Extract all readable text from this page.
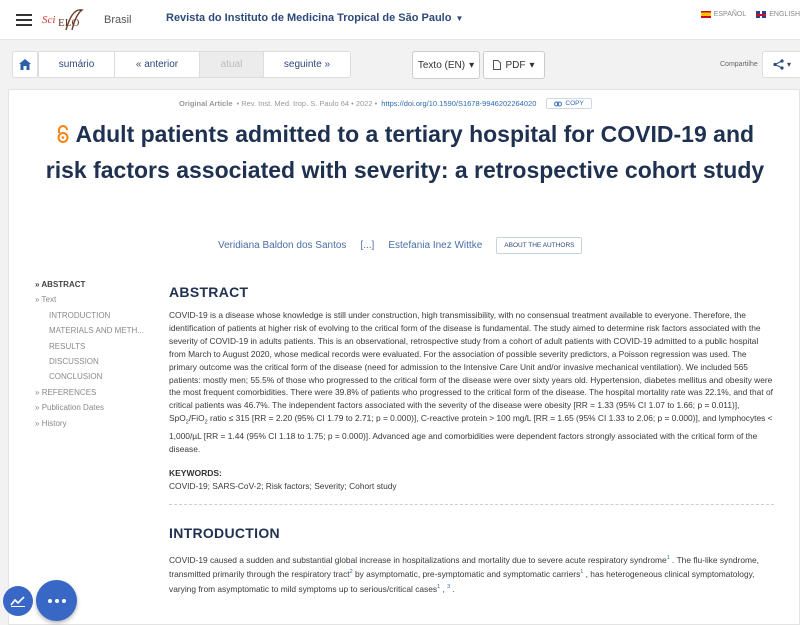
Sci ELO Brasil	Revista do Instituto de Medicina Tropical de São Paulo ▼	ESPAÑOL	ENGLISH
sumário	« anterior	atual	seguinte »	Texto (EN) ▾	PDF ▾	Compartilhe	▾
Original Article • Rev. Inst. Med. trop. S. Paulo 64 • 2022 • https://doi.org/10.1590/S1678-9946202264020	COPY
Adult patients admitted to a tertiary hospital for COVID-19 and risk factors associated with severity: a retrospective cohort study
Veridiana Baldon dos Santos [...] Estefania Inez Wittke	ABOUT THE AUTHORS
» ABSTRACT
» Text
INTRODUCTION
MATERIALS AND METH...
RESULTS
DISCUSSION
CONCLUSION
» REFERENCES
» Publication Dates
» History
ABSTRACT

COVID-19 is a disease whose knowledge is still under construction, high transmissibility, with no consensual treatment available to everyone. Therefore, the identification of patients at higher risk of evolving to the critical form of the disease is fundamental. The study aimed to determine risk factors associated with the severity of COVID-19 in adults patients. This is an observational, retrospective study from a cohort of adult patients with COVID-19 admitted to a public hospital from March to August 2020, whose medical records were evaluated. For the association of possible severity predictors, a Poisson regression was used. The primary outcome was the critical form of the disease (need for admission to the Intensive Care Unit and/or invasive mechanical ventilation). We included 565 patients: mostly men; 55.5% of those who progressed to the critical form of the disease were over sixty years old. Hypertension, diabetes mellitus and obesity were the most frequent comorbidities. There were 39.8% of patients who progressed to the critical form of the disease. The hospital mortality rate was 22.1%, and that of critical patients was 46.7%. The independent factors associated with the severity of the disease were obesity [RR = 1.33 (95% CI 1.07 to 1.66; p = 0.011)], SpO$_2$/FiO$_2$ ratio ≤ 315 [RR = 2.20 (95% CI 1.79 to 2.71; p = 0.000)], C-reactive protein > 100 mg/L [RR = 1.65 (95% CI 1.33 to 2.06; p = 0.000)], and lymphocytes < 1,000/µL [RR = 1.44 (95% CI 1.18 to 1.75; p = 0.000)]. Advanced age and comorbidities were dependent factors strongly associated with the critical form of the disease.

KEYWORDS:
COVID-19; SARS-CoV-2; Risk factors; Severity; Cohort study
INTRODUCTION

COVID-19 caused a sudden and substantial global increase in hospitalizations and mortality due to severe acute respiratory syndrome$^1$ . The flu-like syndrome, transmitted primarily through the respiratory tract$^2$ by asymptomatic, pre-symptomatic and symptomatic carriers$^1$ , has heterogeneous clinical symptomatology, varying from asymptomatic to mild symptoms up to serious/critical cases$^1$ , $^3$ .
